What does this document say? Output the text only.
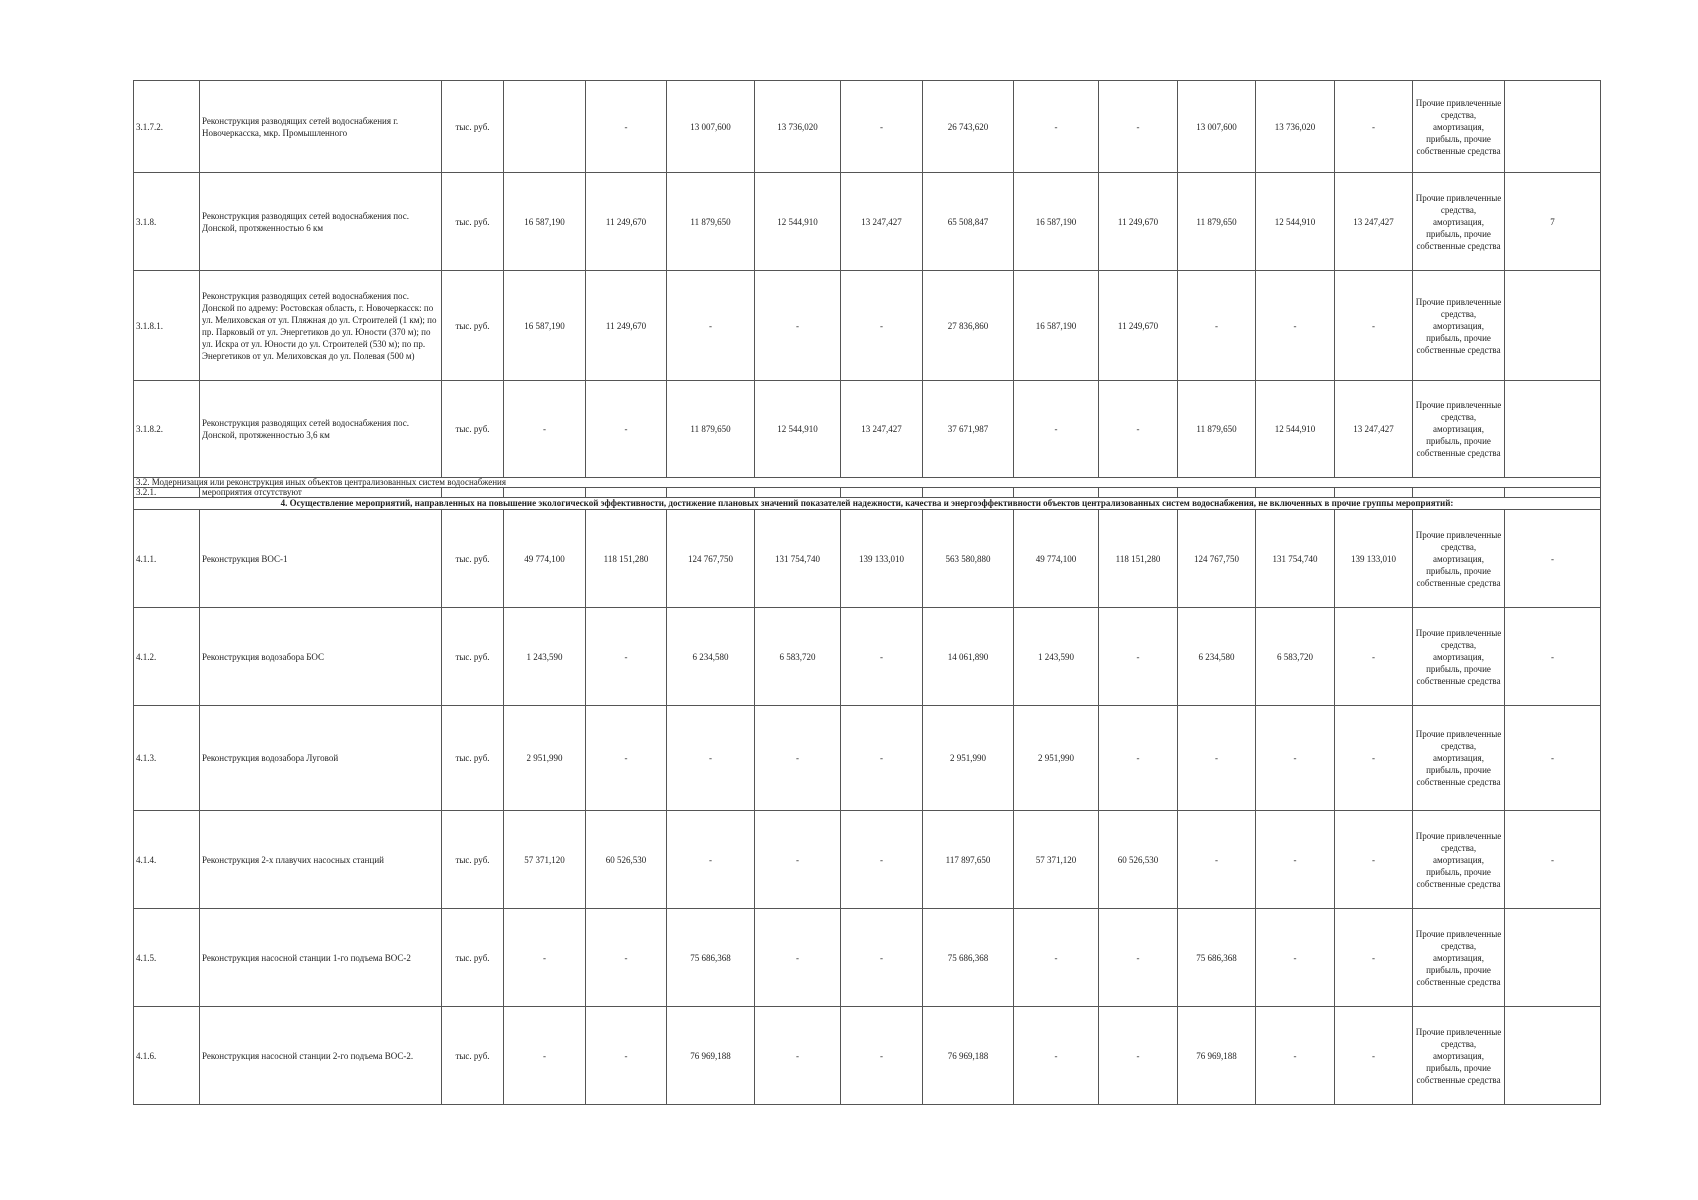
3.1.7.2.	Реконструкция разводящих сетей водоснабжения г. Новочеркасска, мкр. Промышленного	тыс. руб.		-	13 007,600	13 736,020	-	26 743,620	-	-	13 007,600	13 736,020	-	Прочие привлеченные средства, амортизация, прибыль, прочие собственные средства	
3.1.8.	Реконструкция разводящих сетей водоснабжения пос. Донской, протяженностью 6 км	тыс. руб.	16 587,190	11 249,670	11 879,650	12 544,910	13 247,427	65 508,847	16 587,190	11 249,670	11 879,650	12 544,910	13 247,427	Прочие привлеченные средства, амортизация, прибыль, прочие собственные средства	7
3.1.8.1.	Реконструкция разводящих сетей водоснабжения пос. Донской по адрему: Ростовская область, г. Новочеркасск: по ул. Мелиховская от ул. Пляжная до ул. Строителей (1 км); по пр. Парковый от ул. Энергетиков до ул. Юности (370 м); по ул. Искра от ул. Юности до ул. Строителей (530 м); по пр. Энергетиков от ул. Мелиховская до ул. Полевая (500 м)	тыс. руб.	16 587,190	11 249,670	-	-	-	27 836,860	16 587,190	11 249,670	-	-	-	Прочие привлеченные средства, амортизация, прибыль, прочие собственные средства	
3.1.8.2.	Реконструкция разводящих сетей водоснабжения пос. Донской, протяженностью 3,6 км	тыс. руб.	-	-	11 879,650	12 544,910	13 247,427	37 671,987	-	-	11 879,650	12 544,910	13 247,427	Прочие привлеченные средства, амортизация, прибыль, прочие собственные средства	
3.2. Модернизация или реконструкция иных объектов централизованных систем водоснабжения															
3.2.1.	мероприятия отсутствуют														
4. Осуществление мероприятий, направленных на повышение экологической эффективности, достижение плановых значений показателей надежности, качества и энергоэффективности объектов централизованных систем водоснабжения, не включенных в прочие группы мероприятий:															
4.1.1.	Реконструкция ВОС-1	тыс. руб.	49 774,100	118 151,280	124 767,750	131 754,740	139 133,010	563 580,880	49 774,100	118 151,280	124 767,750	131 754,740	139 133,010	Прочие привлеченные средства, амортизация, прибыль, прочие собственные средства	-
4.1.2.	Реконструкция водозабора БОС	тыс. руб.	1 243,590	-	6 234,580	6 583,720	-	14 061,890	1 243,590	-	6 234,580	6 583,720	-	Прочие привлеченные средства, амортизация, прибыль, прочие собственные средства	-
4.1.3.	Реконструкция водозабора Луговой	тыс. руб.	2 951,990	-	-	-	-	2 951,990	2 951,990	-	-	-	-	Прочие привлеченные средства, амортизация, прибыль, прочие собственные средства	-
4.1.4.	Реконструкция 2-х плавучих насосных станций	тыс. руб.	57 371,120	60 526,530	-	-	-	117 897,650	57 371,120	60 526,530	-	-	-	Прочие привлеченные средства, амортизация, прибыль, прочие собственные средства	-
4.1.5.	Реконструкция насосной станции 1-го подъема ВОС-2	тыс. руб.	-	-	75 686,368	-	-	75 686,368	-	-	75 686,368	-	-	Прочие привлеченные средства, амортизация, прибыль, прочие собственные средства	
4.1.6.	Реконструкция насосной станции 2-го подъема ВОС-2.	тыс. руб.	-	-	76 969,188	-	-	76 969,188	-	-	76 969,188	-	-	Прочие привлеченные средства, амортизация, прибыль, прочие собственные средства	
